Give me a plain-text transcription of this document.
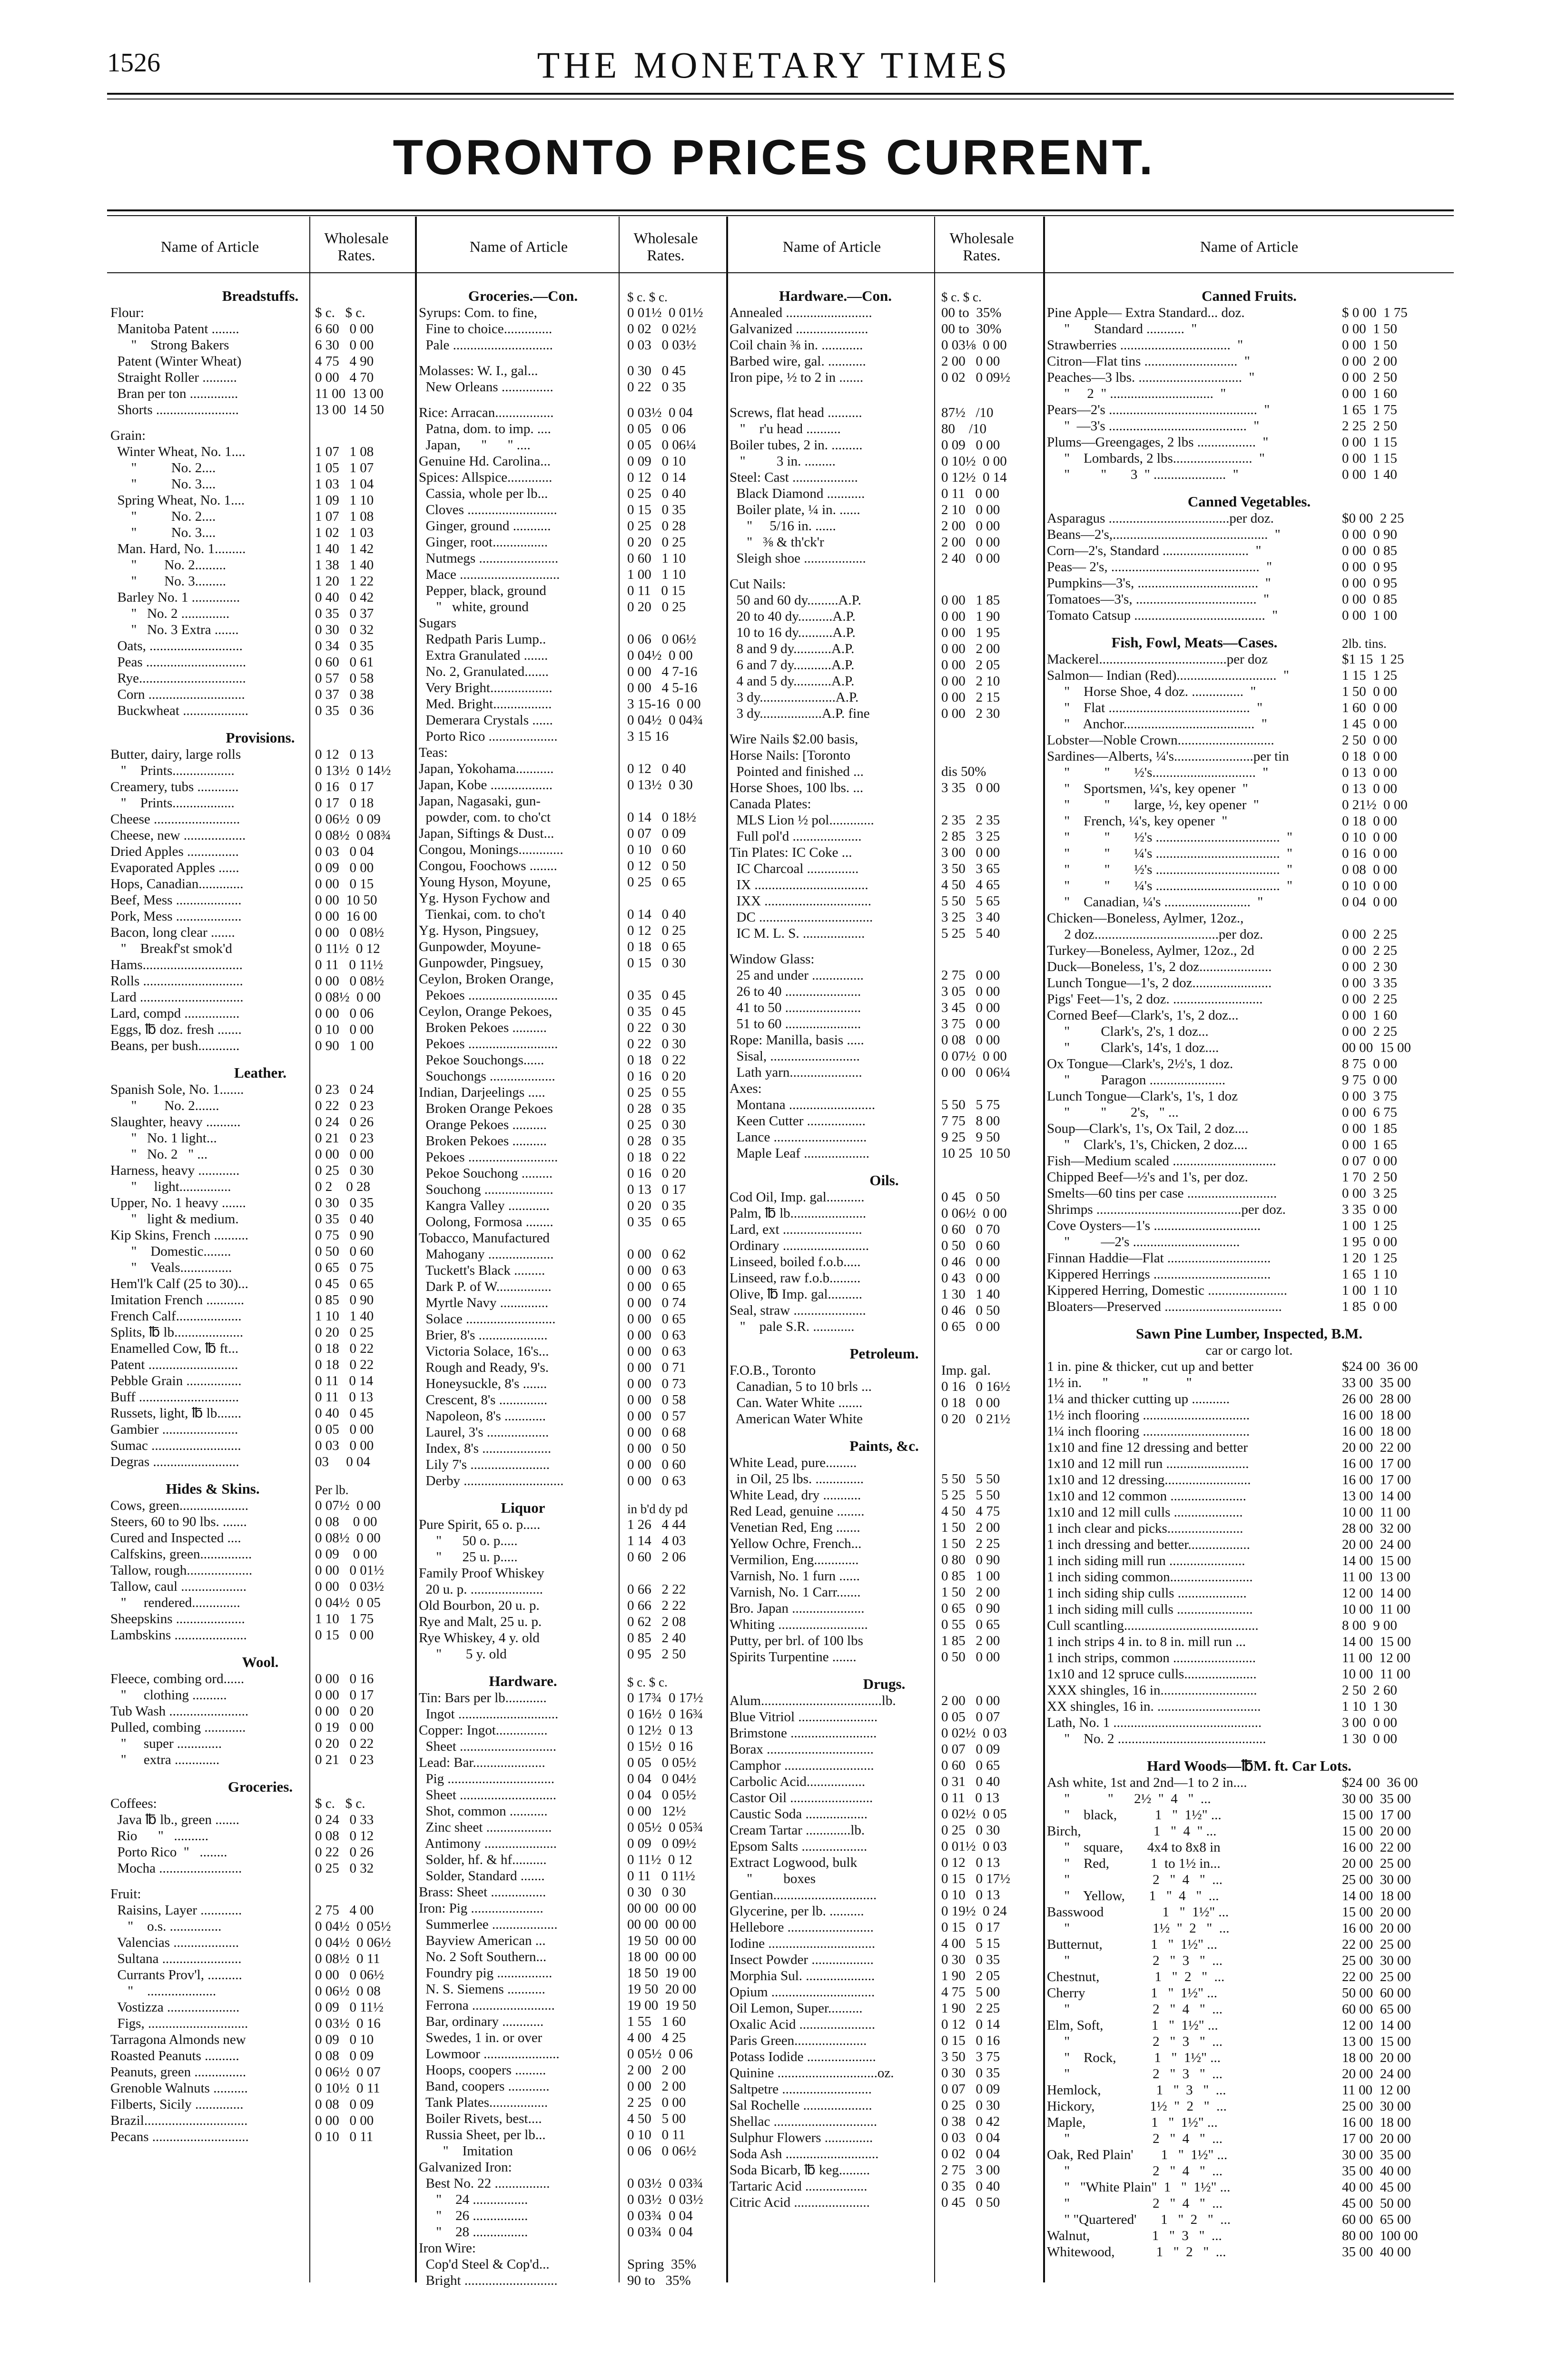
1526	THE MONETARY TIMES
TORONTO PRICES CURRENT.
Name of Article	Wholesale Rates.	Name of Article	Wholesale Rates.	Name of Article	Wholesale Rates.	Name of Article
Breadstuffs.
Flour:	$ c.   $ c.
Manitoba Patent ........	6 60   0 00
"    Strong Bakers	6 30   0 00
Patent (Winter Wheat)	4 75   4 90
Straight Roller ..........	0 00   4 70
Bran per ton ..............	11 00  13 00
Shorts ........................	13 00  14 50
Grain:
Winter Wheat, No. 1....	1 07   1 08
"          No. 2....	1 05   1 07
"          No. 3....	1 03   1 04
Spring Wheat, No. 1....	1 09   1 10
"          No. 2....	1 07   1 08
"          No. 3....	1 02   1 03
Man. Hard, No. 1.........	1 40   1 42
"        No. 2.........	1 38   1 40
"        No. 3.........	1 20   1 22
Barley No. 1 ..............	0 40   0 42
"   No. 2 ..............	0 35   0 37
"   No. 3 Extra .......	0 30   0 32
Oats, ...........................	0 34   0 35
Peas .............................	0 60   0 61
Rye...............................	0 57   0 58
Corn ............................	0 37   0 38
Buckwheat ...................	0 35   0 36
Provisions.
Butter, dairy, large rolls	0 12   0 13
"    Prints..................	0 13½  0 14½
Creamery, tubs ............	0 16   0 17
"    Prints..................	0 17   0 18
Cheese .........................	0 06½  0 09
Cheese, new ..................	0 08½  0 08¾
Dried Apples ...............	0 03   0 04
Evaporated Apples ......	0 09   0 00
Hops, Canadian.............	0 00   0 15
Beef, Mess ...................	0 00  10 50
Pork, Mess ...................	0 00  16 00
Bacon, long clear .......	0 00   0 08½
"    Breakf'st smok'd	0 11½  0 12
Hams.............................	0 11   0 11½
Rolls .............................	0 00   0 08½
Lard ..............................	0 08½  0 00
Lard, compd ................	0 00   0 06
Eggs, ℔ doz. fresh .......	0 10   0 00
Beans, per bush............	0 90   1 00
Leather.
Spanish Sole, No. 1.......	0 23   0 24
"        No. 2.......	0 22   0 23
Slaughter, heavy ..........	0 24   0 26
"   No. 1 light...	0 21   0 23
"   No. 2   " ...	0 00   0 00
Harness, heavy ............	0 25   0 30
"     light...............	0 2    0 28
Upper, No. 1 heavy .......	0 30   0 35
"   light & medium.	0 35   0 40
Kip Skins, French ..........	0 75   0 90
"    Domestic........	0 50   0 60
"    Veals...............	0 65   0 75
Hem'l'k Calf (25 to 30)...	0 45   0 65
Imitation French ...........	0 85   0 90
French Calf...................	1 10   1 40
Splits, ℔ lb....................	0 20   0 25
Enamelled Cow, ℔ ft...	0 18   0 22
Patent ..........................	0 18   0 22
Pebble Grain ................	0 11   0 14
Buff .............................	0 11   0 13
Russets, light, ℔ lb.......	0 40   0 45
Gambier ......................	0 05   0 00
Sumac ..........................	0 03   0 00
Degras .........................	03     0 04
Hides & Skins.	Per lb.
Cows, green....................	0 07½  0 00
Steers, 60 to 90 lbs. .......	0 08    0 00
Cured and Inspected ....	0 08½  0 00
Calfskins, green...............	0 09    0 00
Tallow, rough...................	0 00   0 01½
Tallow, caul ...................	0 00   0 03½
"     rendered..............	0 04½  0 05
Sheepskins ....................	1 10   1 75
Lambskins .....................	0 15   0 00
Wool.
Fleece, combing ord......	0 00   0 16
"     clothing ..........	0 00   0 17
Tub Wash .......................	0 00   0 20
Pulled, combing ............	0 19   0 00
"     super .............	0 20   0 22
"     extra .............	0 21   0 23
Groceries.
Coffees:	$ c.   $ c.
Java ℔ lb., green .......	0 24   0 33
Rio      "   ..........	0 08   0 12
Porto Rico  "   ........	0 22   0 26
Mocha ........................	0 25   0 32
Fruit:
Raisins, Layer ............	2 75   4 00
"    o.s. ...............	0 04½  0 05½
Valencias ...................	0 04½  0 06½
Sultana .......................	0 08½  0 11
Currants Prov'l, ..........	0 00   0 06½
"    ....................	0 06½  0 08
Vostizza .....................	0 09   0 11½
Figs, .............................	0 03½  0 16
Tarragona Almonds new	0 09   0 10
Roasted Peanuts ..........	0 08   0 09
Peanuts, green ...............	0 06½  0 07
Grenoble Walnuts ..........	0 10½  0 11
Filberts, Sicily ..............	0 08   0 09
Brazil..............................	0 00   0 00
Pecans ............................	0 10   0 11
Groceries.—Con.	$ c. $ c.
Syrups: Com. to fine,	0 01½  0 01½
Fine to choice..............	0 02   0 02½
Pale .............................	0 03   0 03½
Molasses: W. I., gal...	0 30   0 45
New Orleans ...............	0 22   0 35
Rice: Arracan.................	0 03½  0 04
Patna, dom. to imp. ....	0 05   0 06
Japan,      "      " ....	0 05   0 06¼
Genuine Hd. Carolina...	0 09   0 10
Spices: Allspice.............	0 12   0 14
Cassia, whole per lb...	0 25   0 40
Cloves ..........................	0 15   0 35
Ginger, ground ...........	0 25   0 28
Ginger, root................	0 20   0 25
Nutmegs .......................	0 60   1 10
Mace .............................	1 00   1 10
Pepper, black, ground	0 11   0 15
"   white, ground	0 20   0 25
Sugars
Redpath Paris Lump..	0 06   0 06½
Extra Granulated .......	0 04½  0 00
No. 2, Granulated.......	0 00   4 7-16
Very Bright..................	0 00   4 5-16
Med. Bright.................	3 15-16  0 00
Demerara Crystals ......	0 04½  0 04¾
Porto Rico ....................	3 15 16
Teas:
Japan, Yokohama...........	0 12   0 40
Japan, Kobe ..................	0 13½  0 30
Japan, Nagasaki, gun-
powder, com. to cho'ct	0 14   0 18½
Japan, Siftings & Dust...	0 07   0 09
Congou, Monings.............	0 10   0 60
Congou, Foochows ........	0 12   0 50
Young Hyson, Moyune,	0 25   0 65
Yg. Hyson Fychow and
Tienkai, com. to cho't	0 14   0 40
Yg. Hyson, Pingsuey,	0 12   0 25
Gunpowder, Moyune-	0 18   0 65
Gunpowder, Pingsuey,	0 15   0 30
Ceylon, Broken Orange,
Pekoes ..........................	0 35   0 45
Ceylon, Orange Pekoes,	0 35   0 45
Broken Pekoes ..........	0 22   0 30
Pekoes ..........................	0 22   0 30
Pekoe Souchongs......	0 18   0 22
Souchongs ...................	0 16   0 20
Indian, Darjeelings .....	0 25   0 55
Broken Orange Pekoes	0 28   0 35
Orange Pekoes ..........	0 25   0 30
Broken Pekoes ..........	0 28   0 35
Pekoes ..........................	0 18   0 22
Pekoe Souchong .........	0 16   0 20
Souchong ....................	0 13   0 17
Kangra Valley ............	0 20   0 35
Oolong, Formosa ........	0 35   0 65
Tobacco, Manufactured
Mahogany ...................	0 00   0 62
Tuckett's Black .........	0 00   0 63
Dark P. of W................	0 00   0 65
Myrtle Navy ..............	0 00   0 74
Solace ..........................	0 00   0 65
Brier, 8's ....................	0 00   0 63
Victoria Solace, 16's...	0 00   0 63
Rough and Ready, 9's.	0 00   0 71
Honeysuckle, 8's .......	0 00   0 73
Crescent, 8's ..............	0 00   0 58
Napoleon, 8's ............	0 00   0 57
Laurel, 3's ..................	0 00   0 68
Index, 8's ....................	0 00   0 50
Lily 7's .......................	0 00   0 60
Derby .............................	0 00   0 63
Liquor	in b'd dy pd
Pure Spirit, 65 o. p.....	1 26   4 44
"      50 o. p.....	1 14   4 03
"      25 u. p.....	0 60   2 06
Family Proof Whiskey
20 u. p. .....................	0 66   2 22
Old Bourbon, 20 u. p.	0 66   2 22
Rye and Malt, 25 u. p.	0 62   2 08
Rye Whiskey, 4 y. old	0 85   2 40
"       5 y. old	0 95   2 50
Hardware.	$ c. $ c.
Tin: Bars per lb............	0 17¾  0 17½
Ingot .............................	0 16½  0 16¾
Copper: Ingot...............	0 12½  0 13
Sheet ............................	0 15½  0 16
Lead: Bar.....................	0 05   0 05½
Pig ...............................	0 04   0 04½
Sheet ............................	0 04   0 05½
Shot, common ...........	0 00   12½
Zinc sheet ...................	0 05½  0 05¾
Antimony .....................	0 09   0 09½
Solder, hf. & hf..........	0 11½  0 12
Solder, Standard .......	0 11   0 11½
Brass: Sheet ................	0 30   0 30
Iron: Pig .....................	00 00  00 00
Summerlee ...................	00 00  00 00
Bayview American ...	19 50  00 00
No. 2 Soft Southern...	18 00  00 00
Foundry pig ................	18 50  19 00
N. S. Siemens ...........	19 50  20 00
Ferrona ........................	19 00  19 50
Bar, ordinary ............	1 55   1 60
Swedes, 1 in. or over	4 00   4 25
Lowmoor ......................	0 05½  0 06
Hoops, coopers .........	2 00   2 00
Band, coopers ............	0 00   2 00
Tank Plates.................	2 25   0 00
Boiler Rivets, best....	4 50   5 00
Russia Sheet, per lb...	0 10   0 11
"    Imitation	0 06   0 06½
Galvanized Iron:
Best No. 22 ................	0 03½  0 03¾
"    24 ................	0 03½  0 03½
"    26 ................	0 03¾  0 04
"    28 ................	0 03¾  0 04
Iron Wire:
Cop'd Steel & Cop'd...	Spring  35%
Bright ...........................	90 to   35%
Hardware.—Con.	$ c. $ c.
Annealed .........................	00 to  35%
Galvanized .....................	00 to  30%
Coil chain ⅜ in. ............	0 03⅛  0 00
Barbed wire, gal. ...........	2 00   0 00
Iron pipe, ½ to 2 in .......	0 02   0 09½
Screws, flat head ..........	87½   /10
"    r'u head ..........	80    /10
Boiler tubes, 2 in. .........	0 09   0 00
"         3 in. .........	0 10½  0 00
Steel: Cast ...................	0 12½  0 14
Black Diamond ...........	0 11   0 00
Boiler plate, ¼ in. ......	2 10   0 00
"     5/16 in. ......	2 00   0 00
"   ⅜ & th'ck'r	2 00   0 00
Sleigh shoe ..................	2 40   0 00
Cut Nails:
50 and 60 dy.........A.P.	0 00   1 85
20 to 40 dy..........A.P.	0 00   1 90
10 to 16 dy..........A.P.	0 00   1 95
8 and 9 dy...........A.P.	0 00   2 00
6 and 7 dy...........A.P.	0 00   2 05
4 and 5 dy...........A.P.	0 00   2 10
3 dy......................A.P.	0 00   2 15
3 dy..................A.P. fine	0 00   2 30
Wire Nails $2.00 basis,
Horse Nails: [Toronto
Pointed and finished ...	dis 50%
Horse Shoes, 100 lbs. ...	3 35   0 00
Canada Plates:
MLS Lion ½ pol.............	2 35   2 35
Full pol'd ....................	2 85   3 25
Tin Plates: IC Coke ...	3 00   0 00
IC Charcoal ...............	3 50   3 65
IX .................................	4 50   4 65
IXX ...............................	5 50   5 65
DC .................................	3 25   3 40
IC M. L. S. ..................	5 25   5 40
Window Glass:
25 and under ...............	2 75   0 00
26 to 40 ......................	3 05   0 00
41 to 50 ......................	3 45   0 00
51 to 60 ......................	3 75   0 00
Rope: Manilla, basis .....	0 08   0 00
Sisal, ..........................	0 07½  0 00
Lath yarn.....................	0 00   0 06¼
Axes:
Montana .........................	5 50   5 75
Keen Cutter .................	7 75   8 00
Lance ...........................	9 25   9 50
Maple Leaf ...................	10 25  10 50
Oils.
Cod Oil, Imp. gal...........	0 45   0 50
Palm, ℔ lb......................	0 06½  0 00
Lard, ext .......................	0 60   0 70
Ordinary .........................	0 50   0 60
Linseed, boiled f.o.b.....	0 46   0 00
Linseed, raw f.o.b.........	0 43   0 00
Olive, ℔ Imp. gal..........	1 30   1 40
Seal, straw .....................	0 46   0 50
"    pale S.R. ............	0 65   0 00
Petroleum.
F.O.B., Toronto	Imp. gal.
Canadian, 5 to 10 brls ...	0 16   0 16½
Can. Water White .......	0 18   0 00
American Water White	0 20   0 21½
Paints, &c.
White Lead, pure.........
in Oil, 25 lbs. ..............	5 50   5 50
White Lead, dry ...........	5 25   5 50
Red Lead, genuine ........	4 50   4 75
Venetian Red, Eng .......	1 50   2 00
Yellow Ochre, French...	1 50   2 25
Vermilion, Eng.............	0 80   0 90
Varnish, No. 1 furn ......	0 85   1 00
Varnish, No. 1 Carr.......	1 50   2 00
Bro. Japan .....................	0 65   0 90
Whiting ..........................	0 55   0 65
Putty, per brl. of 100 lbs	1 85   2 00
Spirits Turpentine .......	0 50   0 00
Drugs.
Alum...................................lb.	2 00   0 00
Blue Vitriol .......................	0 05   0 07
Brimstone .........................	0 02½  0 03
Borax ...............................	0 07   0 09
Camphor ..........................	0 60   0 65
Carbolic Acid.................	0 31   0 40
Castor Oil ........................	0 11   0 13
Caustic Soda ..................	0 02½  0 05
Cream Tartar .............lb.	0 25   0 30
Epsom Salts ...................	0 01½  0 03
Extract Logwood, bulk	0 12   0 13
"         boxes	0 15   0 17½
Gentian..............................	0 10   0 13
Glycerine, per lb. ..........	0 19½  0 24
Hellebore .........................	0 15   0 17
Iodine ...............................	4 00   5 15
Insect Powder ..................	0 30   0 35
Morphia Sul. ....................	1 90   2 05
Opium ..............................	4 75   5 00
Oil Lemon, Super..........	1 90   2 25
Oxalic Acid ......................	0 12   0 14
Paris Green.....................	0 15   0 16
Potass Iodide ....................	3 50   3 75
Quinine .............................oz.	0 30   0 35
Saltpetre ..........................	0 07   0 09
Sal Rochelle ....................	0 25   0 30
Shellac ..............................	0 38   0 42
Sulphur Flowers ..............	0 03   0 04
Soda Ash ...........................	0 02   0 04
Soda Bicarb, ℔ keg.........	2 75   3 00
Tartaric Acid ..................	0 35   0 40
Citric Acid ......................	0 45   0 50
Canned Fruits.
Pine Apple— Extra Standard... doz.	$ 0 00  1 75
"       Standard ...........  "	0 00  1 50
Strawberries ................................  "	0 00  1 50
Citron—Flat tins ...........................  "	0 00  2 00
Peaches—3 lbs. ..............................  "	0 00  2 50
"     2  " ..............................  "	0 00  1 60
Pears—2's ...........................................  "	1 65  1 75
"  —3's ........................................  "	2 25  2 50
Plums—Greengages, 2 lbs .................  "	0 00  1 15
"    Lombards, 2 lbs.......................  "	0 00  1 15
"         "       3  " .....................  "	0 00  1 40
Canned Vegetables.
Asparagus ...................................per doz.	$0 00  2 25
Beans—2's,.............................................  "	0 00  0 90
Corn—2's, Standard .........................  "	0 00  0 85
Peas— 2's, ...........................................  "	0 00  0 95
Pumpkins—3's, ...................................  "	0 00  0 95
Tomatoes—3's, ...................................  "	0 00  0 85
Tomato Catsup ......................................  "	0 00  1 00
Fish, Fowl, Meats—Cases.	2lb. tins.
Mackerel.....................................per doz	$1 15  1 25
Salmon— Indian (Red).............................  "	1 15  1 25
"    Horse Shoe, 4 doz. ...............  "	1 50  0 00
"    Flat .........................................  "	1 60  0 00
"    Anchor......................................  "	1 45  0 00
Lobster—Noble Crown............................	2 50  0 00
Sardines—Alberts, ¼'s.......................per tin	0 18  0 00
"          "       ½'s..............................  "	0 13  0 00
"    Sportsmen, ¼'s, key opener  "	0 13  0 00
"          "       large, ½, key opener  "	0 21½  0 00
"    French, ¼'s, key opener  "	0 18  0 00
"          "       ½'s ....................................  "	0 10  0 00
"          "       ¼'s ....................................  "	0 16  0 00
"          "       ½'s ....................................  "	0 08  0 00
"          "       ¼'s ....................................  "	0 10  0 00
"    Canadian, ¼'s .........................  "	0 04  0 00
Chicken—Boneless, Aylmer, 12oz.,
2 doz....................................per doz.	0 00  2 25
Turkey—Boneless, Aylmer, 12oz., 2d	0 00  2 25
Duck—Boneless, 1's, 2 doz.....................	0 00  2 30
Lunch Tongue—1's, 2 doz.......................	0 00  3 35
Pigs' Feet—1's, 2 doz. ..........................	0 00  2 25
Corned Beef—Clark's, 1's, 2 doz...	0 00  1 60
"         Clark's, 2's, 1 doz...	0 00  2 25
"         Clark's, 14's, 1 doz....	00 00  15 00
Ox Tongue—Clark's, 2½'s, 1 doz.	8 75  0 00
"         Paragon ......................	9 75  0 00
Lunch Tongue—Clark's, 1's, 1 doz	0 00  3 75
"         "       2's,   " ...	0 00  6 75
Soup—Clark's, 1's, Ox Tail, 2 doz....	0 00  1 85
"    Clark's, 1's, Chicken, 2 doz....	0 00  1 65
Fish—Medium scaled ..............................	0 07  0 00
Chipped Beef—½'s and 1's, per doz.	1 70  2 50
Smelts—60 tins per case ..........................	0 00  3 25
Shrimps ..........................................per doz.	3 35  0 00
Cove Oysters—1's ...............................	1 00  1 25
"         —2's ...............................	1 95  0 00
Finnan Haddie—Flat ..............................	1 20  1 25
Kippered Herrings ..................................	1 65  1 10
Kippered Herring, Domestic .......................	1 00  1 10
Bloaters—Preserved ..................................	1 85  0 00
Sawn Pine Lumber, Inspected, B.M.
car or cargo lot.
1 in. pine & thicker, cut up and better	$24 00  36 00
1½ in.      "          "           "	33 00  35 00
1¼ and thicker cutting up ...........	26 00  28 00
1½ inch flooring ...............................	16 00  18 00
1¼ inch flooring ...............................	16 00  18 00
1x10 and fine 12 dressing and better	20 00  22 00
1x10 and 12 mill run ........................	16 00  17 00
1x10 and 12 dressing.........................	16 00  17 00
1x10 and 12 common ......................	13 00  14 00
1x10 and 12 mill culls ....................	10 00  11 00
1 inch clear and picks......................	28 00  32 00
1 inch dressing and better..................	20 00  24 00
1 inch siding mill run ......................	14 00  15 00
1 inch siding common........................	11 00  13 00
1 inch siding ship culls ....................	12 00  14 00
1 inch siding mill culls ......................	10 00  11 00
Cull scantling.......................................	8 00  9 00
1 inch strips 4 in. to 8 in. mill run ...	14 00  15 00
1 inch strips, common ........................	11 00  12 00
1x10 and 12 spruce culls.....................	10 00  11 00
XXX shingles, 16 in............................	2 50  2 60
XX shingles, 16 in. ..............................	1 10  1 30
Lath, No. 1 ...........................................	3 00  0 00
"    No. 2 ...........................................	1 30  0 00
Hard Woods—℔M. ft. Car Lots.
Ash white, 1st and 2nd—1 to 2 in....	$24 00  36 00
"           "      2½  "  4   "  ...	30 00  35 00
"    black,           1   "  1½" ...	15 00  17 00
Birch,                     1   "  4  " ...	15 00  20 00
"    square,       4x4 to 8x8 in	16 00  22 00
"    Red,            1  to 1½ in...	20 00  25 00
"                        2   "  4   "  ...	25 00  30 00
"    Yellow,       1   "  4   "  ...	14 00  18 00
Basswood                 1   "  1½" ...	15 00  20 00
"                        1½  "  2   "  ...	16 00  20 00
Butternut,              1   "  1½" ...	22 00  25 00
"                        2   "  3   "  ...	25 00  30 00
Chestnut,                1   "  2   "  ...	22 00  25 00
Cherry                   1   "  1½" ...	50 00  60 00
"                        2   "  4   "  ...	60 00  65 00
Elm, Soft,              1   "  1½" ...	12 00  14 00
"                        2   "  3   "  ...	13 00  15 00
"    Rock,           1   "  1½" ...	18 00  20 00
"                        2   "  3   "  ...	20 00  24 00
Hemlock,                1   "  3   "  ...	11 00  12 00
Hickory,                1½  "  2   "  ...	25 00  30 00
Maple,                   1   "  1½" ...	16 00  18 00
"                        2   "  4   "  ...	17 00  20 00
Oak, Red Plain'        1   "  1½" ...	30 00  35 00
"                        2   "  4   "  ...	35 00  40 00
"   "White Plain"  1   "  1½" ...	40 00  45 00
"                        2   "  4   "  ...	45 00  50 00
" "Quartered'       1   "  2   "  ...	60 00  65 00
Walnut,                  1   "  3   "  ...	80 00  100 00
Whitewood,            1   "  2   "  ...	35 00  40 00
